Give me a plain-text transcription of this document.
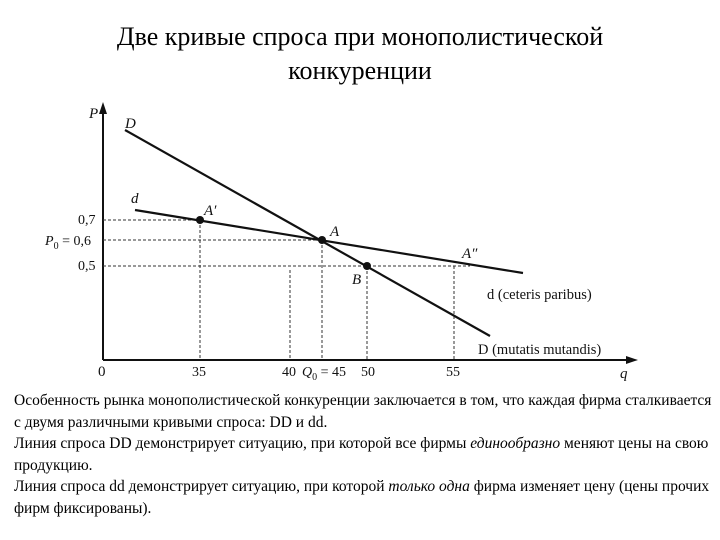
Две кривые спроса при монополистической
конкуренции
P
q
0
A′
A
A″
B
D
d
d (ceteris paribus)
D (mutatis mutandis)
0,7
$P_0 = 0,6$
0,5
35	40 $Q_0 = 45$ 50	55

Особенность рынка монополистической конкуренции заключается в том, что каждая фирма сталкивается с двумя различными кривыми спроса: DD и dd.

Линия спроса DD демонстрирует ситуацию, при которой все фирмы единообразно меняют цены на свою продукцию.

Линия спроса dd демонстрирует ситуацию, при которой только одна фирма изменяет цену (цены прочих фирм фиксированы).
